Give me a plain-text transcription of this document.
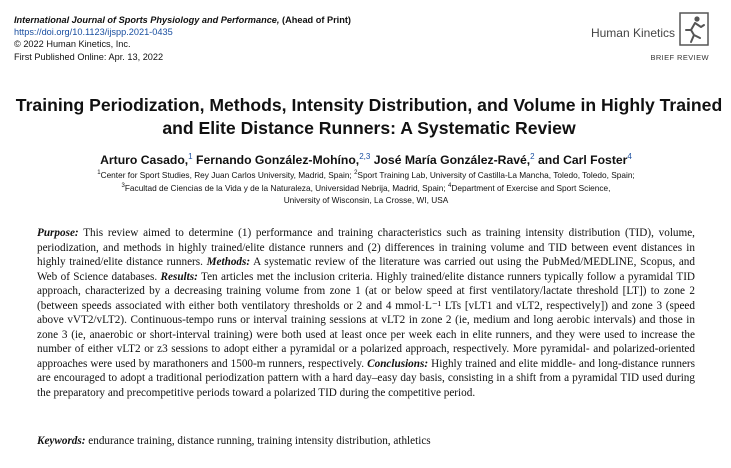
International Journal of Sports Physiology and Performance, (Ahead of Print)
https://doi.org/10.1123/ijspp.2021-0435
© 2022 Human Kinetics, Inc.
First Published Online: Apr. 13, 2022
Human Kinetics
BRIEF REVIEW
Training Periodization, Methods, Intensity Distribution, and Volume in Highly Trained and Elite Distance Runners: A Systematic Review
Arturo Casado,$^1$ Fernando González-Mohíno,$^{2,3}$ José María González-Ravé,$^2$ and Carl Foster$^4$
$^1$Center for Sport Studies, Rey Juan Carlos University, Madrid, Spain; $^2$Sport Training Lab, University of Castilla-La Mancha, Toledo, Toledo, Spain;
$^3$Facultad de Ciencias de la Vida y de la Naturaleza, Universidad Nebrija, Madrid, Spain; $^4$Department of Exercise and Sport Science,
University of Wisconsin, La Crosse, WI, USA

Purpose: This review aimed to determine (1) performance and training characteristics such as training intensity distribution (TID), volume, periodization, and methods in highly trained/elite distance runners and (2) differences in training volume and TID between event distances in highly trained/elite distance runners. Methods: A systematic review of the literature was carried out using the PubMed/MEDLINE, Scopus, and Web of Science databases. Results: Ten articles met the inclusion criteria. Highly trained/elite distance runners typically follow a pyramidal TID approach, characterized by a decreasing training volume from zone 1 (at or below speed at first ventilatory/lactate threshold [LT]) to zone 2 (between speeds associated with either both ventilatory thresholds or 2 and 4 mmol·L⁻¹ LTs [vLT1 and vLT2, respectively]) and zone 3 (speed above vVT2/vLT2). Continuous-tempo runs or interval training sessions at vLT2 in zone 2 (ie, medium and long aerobic intervals) and those in zone 3 (ie, anaerobic or short-interval training) were both used at least once per week each in elite runners, and they were used to increase the number of either vLT2 or z3 sessions to adopt either a pyramidal or a polarized approach, respectively. More pyramidal- and polarized-oriented approaches were used by marathoners and 1500-m runners, respectively. Conclusions: Highly trained and elite middle- and long-distance runners are encouraged to adopt a traditional periodization pattern with a hard day–easy day basis, consisting in a shift from a pyramidal TID used during the preparatory and precompetitive periods toward a polarized TID during the competitive period.

Keywords: endurance training, distance running, training intensity distribution, athletics
